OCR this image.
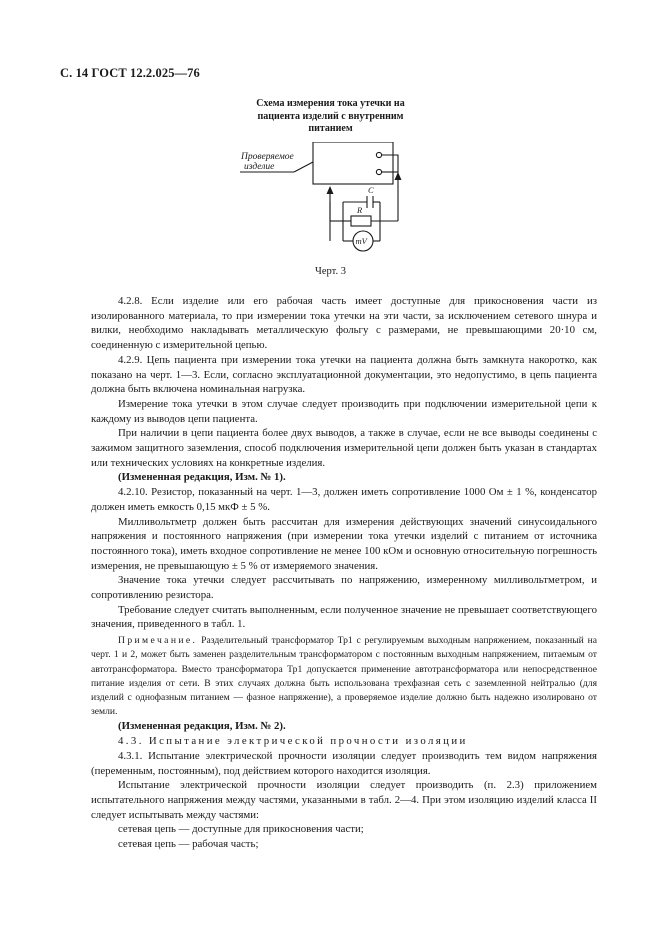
С. 14 ГОСТ 12.2.025—76
Схема измерения тока утечки на
пациента изделий с внутренним
питанием
Проверяемое
изделие
C
R
mV
Черт. 3

4.2.8. Если изделие или его рабочая часть имеет доступные для прикосновения части из изолированного материала, то при измерении тока утечки на эти части, за исключением сетевого шнура и вилки, необходимо накладывать металлическую фольгу с размерами, не превышающими 20·10 см, соединенную с измерительной цепью.

4.2.9. Цепь пациента при измерении тока утечки на пациента должна быть замкнута накоротко, как показано на черт. 1—3. Если, согласно эксплуатационной документации, это недопустимо, в цепь пациента должна быть включена номинальная нагрузка.

Измерение тока утечки в этом случае следует производить при подключении измерительной цепи к каждому из выводов цепи пациента.

При наличии в цепи пациента более двух выводов, а также в случае, если не все выводы соединены с зажимом защитного заземления, способ подключения измерительной цепи должен быть указан в стандартах или технических условиях на конкретные изделия.

(Измененная редакция, Изм. № 1).

4.2.10. Резистор, показанный на черт. 1—3, должен иметь сопротивление 1000 Ом ± 1 %, конденсатор должен иметь емкость 0,15 мкФ ± 5 %.

Милливольтметр должен быть рассчитан для измерения действующих значений синусоидального напряжения и постоянного напряжения (при измерении тока утечки изделий с питанием от источника постоянного тока), иметь входное сопротивление не менее 100 кОм и основную относительную погрешность измерения, не превышающую ± 5 % от измеряемого значения.

Значение тока утечки следует рассчитывать по напряжению, измеренному милливольтметром, и сопротивлению резистора.

Требование следует считать выполненным, если полученное значение не превышает соответствующего значения, приведенного в табл. 1.

Примечание. Разделительный трансформатор Тр1 с регулируемым выходным напряжением, показанный на черт. 1 и 2, может быть заменен разделительным трансформатором с постоянным выходным напряжением, питаемым от автотрансформатора. Вместо трансформатора Тр1 допускается применение автотрансформатора или непосредственное питание изделия от сети. В этих случаях должна быть использована трехфазная сеть с заземленной нейтралью (для изделий с однофазным питанием — фазное напряжение), а проверяемое изделие должно быть надежно изолировано от земли.

(Измененная редакция, Изм. № 2).

4.3. Испытание электрической прочности изоляции

4.3.1. Испытание электрической прочности изоляции следует производить тем видом напряжения (переменным, постоянным), под действием которого находится изоляция.

Испытание электрической прочности изоляции следует производить (п. 2.3) приложением испытательного напряжения между частями, указанными в табл. 2—4. При этом изоляцию изделий класса II следует испытывать между частями:

сетевая цепь — доступные для прикосновения части;

сетевая цепь — рабочая часть;
